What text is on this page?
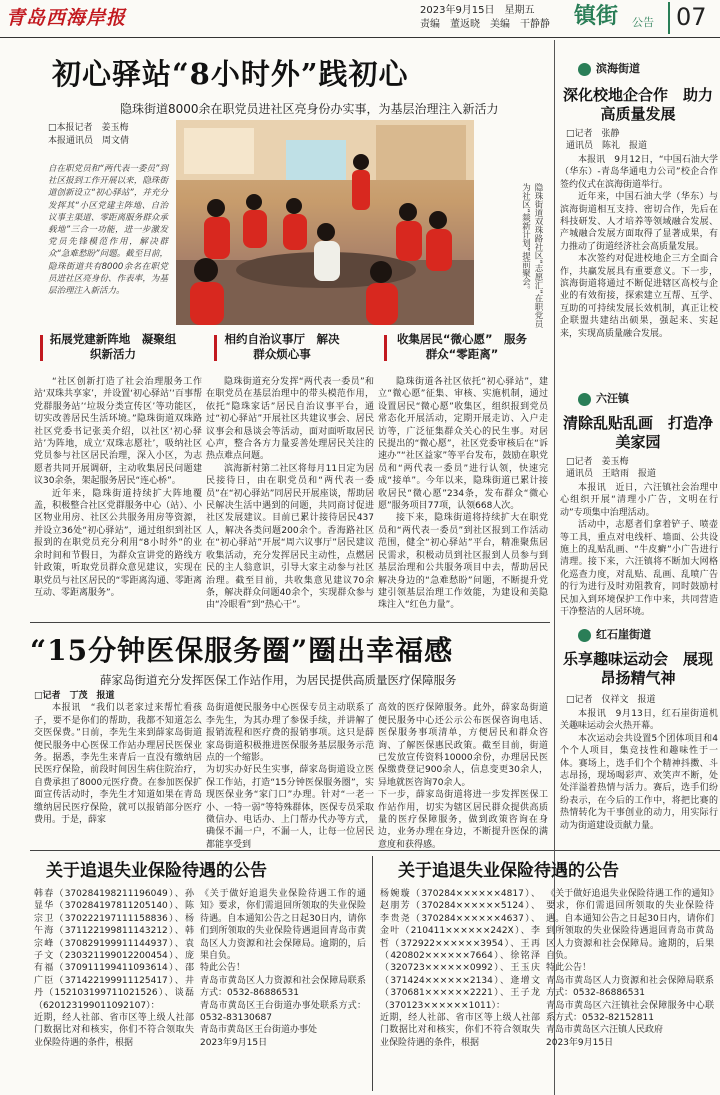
青岛西海岸报	2023年9月15日　星期五
责编　董返晓　美编　干静静	镇街 公告 07
初心驿站“8小时外”践初心
隐珠街道8000余在职党员进社区亮身份办实事，为基层治理注入新活力
□本报记者　姜玉梅
本报通讯员　周文倩
自在职党员和“两代表一委员”到社区报到工作开展以来，隐珠街道创新设立“初心驿站”，并充分发挥其“小区党建主阵地、自治议事主渠道、零距离服务群众承载地”三合一功能，进一步激发党员先锋模范作用，解决群众“急难愁盼”问题。截至目前，隐珠街道共有8000余名在职党员进社区亮身份、作表率，为基层治理注入新活力。	隐珠街道双珠路社区“志愿汇”在职党员为社区“燚新计划”提前聚会。
拓展党建新阵地　凝聚组织新活力
相约自治议事厅　解决群众烦心事
收集居民“微心愿”　服务群众“零距离”

“社区创新打造了社会治理服务工作站‘双珠共享家’，并设置‘初心驿站’‘百事帮党群服务站’‘垃圾分类宣传区’等功能区，切实改善居民生活环境。”隐珠街道双珠路社区党委书记张美介绍，以社区‘初心驿站’为阵地，成立‘双珠志愿社’，吸纳社区党员参与社区居民治理，深入小区，为志愿者共同开展调研，主动收集居民问题建议30余条，架起服务居民“连心桥”。

近年来，隐珠街道持续扩大阵地覆盖，积极整合社区党群服务中心（站）、小区物业用房、社区公共服务用房等资源，并设立36处“初心驿站”，通过组织到社区报到的在职党员充分利用“8小时外”的业余时间和节假日，为群众宣讲党的路线方针政策，听取党员群众意见建议，实现在职党员与社区居民的“零距离沟通、零距离互动、零距离服务”。

隐珠街道充分发挥“两代表一委员”和在职党员在基层治理中的带头模范作用，依托“隐珠家话”居民自治议事平台，通过“初心驿站”开展社区共建议事会、居民议事会和恳谈会等活动，面对面听取居民心声，整合各方力量妥善处理居民关注的热点难点问题。

滨海新村第二社区将每月11日定为居民接待日，由在职党员和“两代表一委员”在“初心驿站”同居民开展座谈，帮助居民解决生活中遇到的问题，共同商讨促进社区发展建议。目前已累计接待居民437人，解决各类问题200余个。香海路社区在“初心驿站”开展“周六议事厅”居民建议收集活动，充分发挥居民主动性，点燃居民的主人翁意识，引导大家主动参与社区治理。截至目前，共收集意见建议70余条，解决群众问题40余个，实现群众参与由“冷眼看”到“热心干”。

隐珠街道各社区依托“初心驿站”，建立“微心愿”征集、审核、实施机制，通过设置居民“微心愿”收集区，组织报到党员常态化开展活动，定期开展走访、入户走访等，广泛征集群众关心的民生事。对居民提出的“微心愿”，社区党委审核后在“诉速办”“社区益家”等平台发布，鼓励在职党员和“两代表一委员”进行认领，快速完成“接单”。今年以来，隐珠街道已累计接收居民“微心愿”234条，发布群众“微心愿”服务项目77项，认领668人次。

接下来，隐珠街道将持续扩大在职党员和“两代表一委员”到社区报到工作活动范围，健全“初心驿站”平台，精准聚焦居民需求，积极动员到社区报到人员参与到基层治理和公共服务项目中去，帮助居民解决身边的“急难愁盼”问题，不断提升党建引领基层治理工作效能，为建设和美隐珠注入“红色力量”。

“15分钟医保服务圈”圈出幸福感
薛家岛街道充分发挥医保工作站作用，为居民提供高质量医疗保障服务
□记者　丁茂　报道

本报讯　“我们以老家过来帮忙看孩子，要不是你们的帮助，我都不知道怎么交医保费。”日前，李先生来到薛家岛街道便民服务中心医保工作站办理居民医保业务。据悉，李先生来青后一直没有缴纳居民医疗保险，前段时间因生病住院治疗，自费承担了8000元医疗费。在参加医保扩面宣传活动时，李先生才知道如果在青岛缴纳居民医疗保险，就可以报销部分医疗费用。于是，薛家

岛街道便民服务中心医保专员主动联系了李先生，为其办理了参保手续，并讲解了报销流程和医疗费的报销事项。这只是薛家岛街道积极推进医保服务基层服务示范点的一个缩影。
为切实办好民生实事，薛家岛街道设立医保工作站，打造“15分钟医保服务圈”，实现医保业务“家门口”办理。针对“一老一小、一特一弱”等特殊群体，医保专员采取微信办、电话办、上门帮办代办等方式，确保不漏一户，不漏一人，让每一位居民都能享受到

高效的医疗保障服务。此外，薛家岛街道便民服务中心还公示公布医保咨询电话、医保服务事项清单，方便居民和群众咨询、了解医保惠民政策。截至目前，街道已发放宣传资料10000余份，办理居民医保缴费登记900余人，信息变更30余人，异地就医咨询70余人。
下一步，薛家岛街道将进一步发挥医保工作站作用，切实为辖区居民群众提供高质量的医疗保障服务，做到政策咨询在身边，业务办理在身边，不断提升医保的满意度和获得感。

滨海街道
深化校地企合作　助力高质量发展
□记者　张静
通讯员　陈礼　报道

本报讯　9月12日，“中国石油大学（华东）-青岛华通电力公司”校企合作签约仪式在滨海街道举行。

近年来，中国石油大学（华东）与滨海街道相互支持、密切合作，先后在科技研发、人才培养等领域融合发展、产城融合发展方面取得了显著成果，有力推动了街道经济社会高质量发展。

本次签约对促进校地企三方全面合作，共赢发展具有重要意义。下一步，滨海街道将通过不断促进辖区高校与企业的有效衔接，探索建立互帮、互学、互助的可持续发展长效机制，真正让校企联盟共建结出硕果，强起来、实起来，实现高质量融合发展。

六汪镇
清除乱贴乱画　打造净美家园
□记者　姜玉梅
通讯员　王晗雨　报道

本报讯　近日，六汪镇社会治理中心组织开展“清理小广告，文明在行动”专项集中治理活动。

活动中，志愿者们拿着铲子、喷壶等工具，重点对电线杆、墙面、公共设施上的乱贴乱画、“牛皮癣”小广告进行清理。接下来，六汪镇将不断加大网格化巡查力度，对乱贴、乱画、乱喷广告的行为进行及时劝阻教育，同时鼓励村民加入到环境保护工作中来，共同营造干净整洁的人居环境。

红石崖街道
乐享趣味运动会　展现昂扬精气神
□记者　仪祥文　报道

本报讯　9月13日，红石崖街道机关趣味运动会火热开幕。

本次运动会共设置5个团体项目和4个个人项目，集竞技性和趣味性于一体。赛场上，选手们个个精神抖擞、斗志昂扬，现场喝彩声、欢笑声不断，处处洋溢着热情与活力。赛后，选手们纷纷表示，在今后的工作中，将把比赛的热情转化为干事创业的动力，用实际行动为街道建设贡献力量。

关于追退失业保险待遇的公告	关于追退失业保险待遇的公告
韩春（370284198211196049）、孙显华（370284197811205140）、陈宗卫（370222197111158836）、杨午海（371122199811143212）、韩宗峰（370829199911144937）、袁子文（230321199012200454）、庞有福（370911199411093614）、邵广臣（371422199911125417）、井丹（152103199711021526）、谈磊（620123199011092107）：
近期，经人社部、省市区等上级人社部门数据比对和核实，你们不符合领取失业保险待遇的条件，根据
《关于做好追退失业保险待遇工作的通知》要求，你们需退回所领取的失业保险待遇。自本通知公告之日起30日内，请你们到所领取的失业保险待遇退回青岛市黄岛区人力资源和社会保障局。逾期的，后果自负。
特此公告！
青岛市黄岛区人力资源和社会保障局联系方式：0532-86886531
青岛市黄岛区王台街道办事处联系方式：0532-83130687
青岛市黄岛区王台街道办事处
2023年9月15日
杨婉璇（370284××××××4817）、赵朋芳（370284××××××5124）、李贵尧（370284××××××4637）、金叶（210411××××××242X）、李哲（372922××××××3954）、王再（420802××××××7664）、徐铭泽（320723××××××0992）、王玉庆（371424××××××2134）、逄增文（370681××××××2221）、王子龙（370123××××××1011）：
近期，经人社部、省市区等上级人社部门数据比对和核实，你们不符合领取失业保险待遇的条件，根据
《关于做好追退失业保险待遇工作的通知》要求，你们需退回所领取的失业保险待遇。自本通知公告之日起30日内，请你们到所领取的失业保险待遇退回青岛市黄岛区人力资源和社会保障局。逾期的，后果自负。
特此公告！
青岛市黄岛区人力资源和社会保障局联系方式：0532-86886531
青岛市黄岛区六汪镇社会保障服务中心联系方式：0532-82152811
青岛市黄岛区六汪镇人民政府
2023年9月15日
